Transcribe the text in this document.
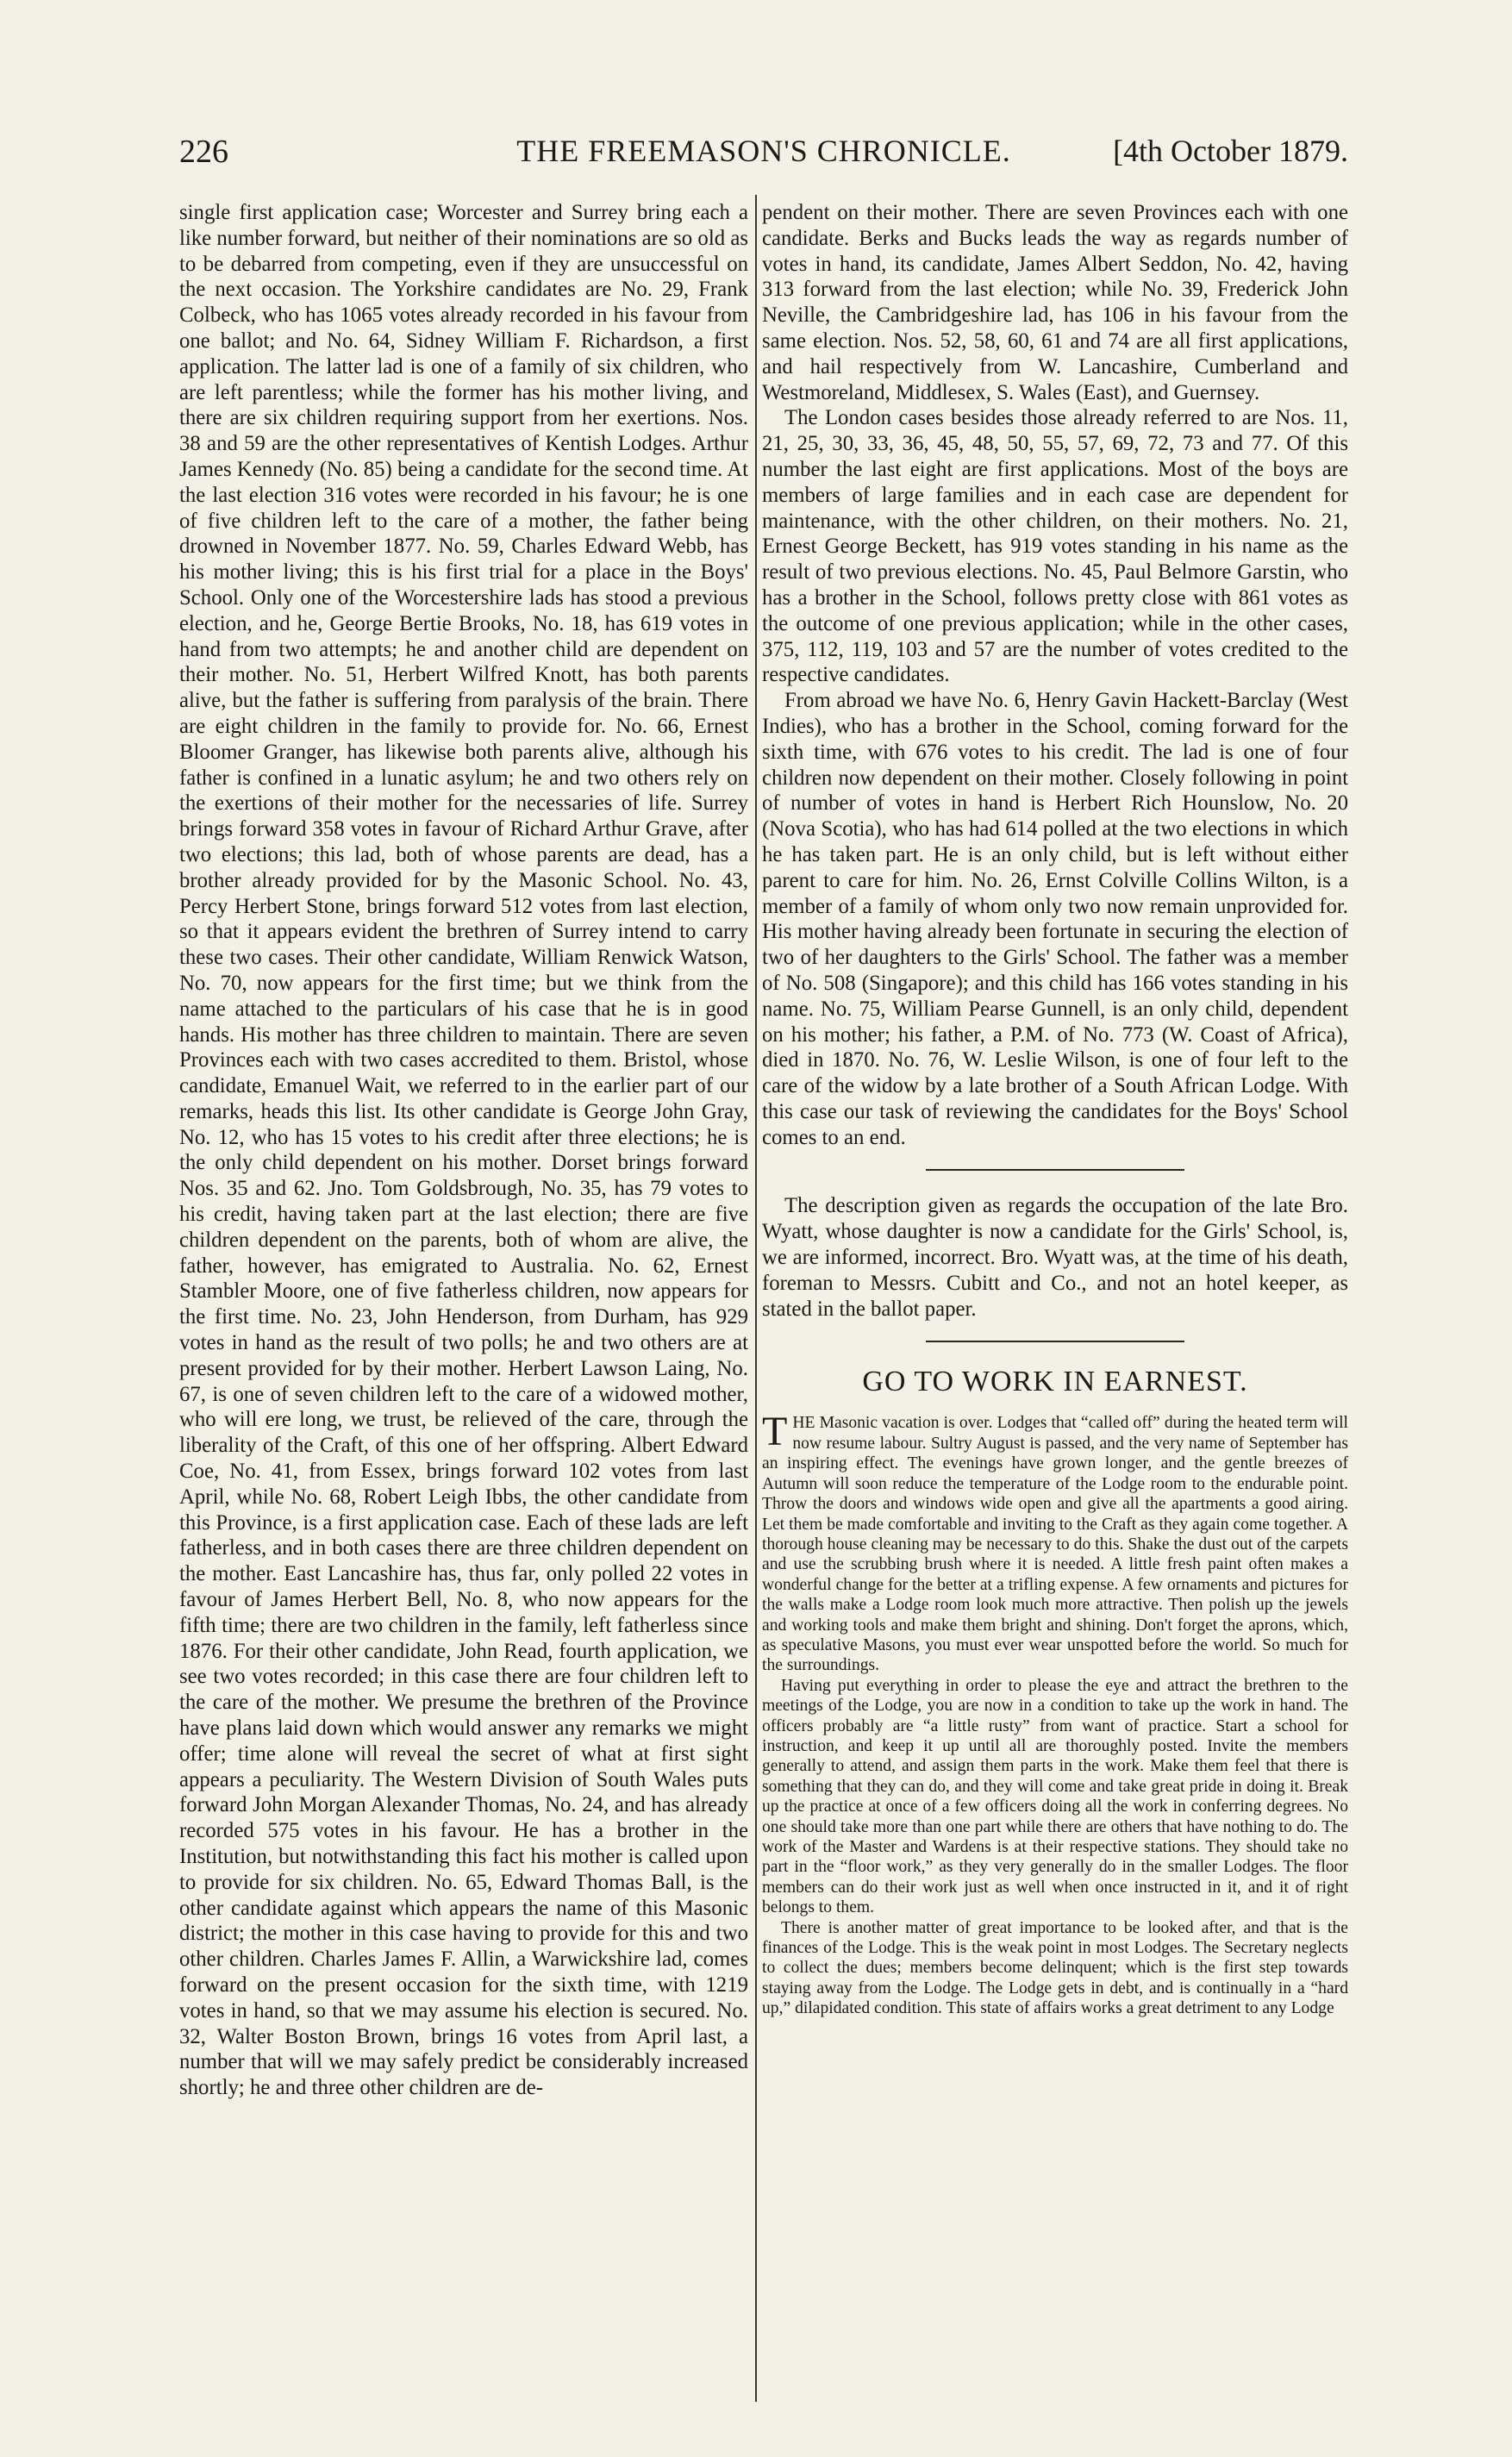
226	THE FREEMASON'S CHRONICLE.	[4th October 1879.

single first application case; Worcester and Surrey bring each a like number forward, but neither of their nominations are so old as to be debarred from competing, even if they are unsuccessful on the next occasion. The Yorkshire candidates are No. 29, Frank Colbeck, who has 1065 votes already recorded in his favour from one ballot; and No. 64, Sidney William F. Richardson, a first application. The latter lad is one of a family of six children, who are left parentless; while the former has his mother living, and there are six children requiring support from her exertions. Nos. 38 and 59 are the other representatives of Kentish Lodges. Arthur James Kennedy (No. 85) being a candidate for the second time. At the last election 316 votes were recorded in his favour; he is one of five children left to the care of a mother, the father being drowned in November 1877. No. 59, Charles Edward Webb, has his mother living; this is his first trial for a place in the Boys' School. Only one of the Worcestershire lads has stood a previous election, and he, George Bertie Brooks, No. 18, has 619 votes in hand from two attempts; he and another child are dependent on their mother. No. 51, Herbert Wilfred Knott, has both parents alive, but the father is suffering from paralysis of the brain. There are eight children in the family to provide for. No. 66, Ernest Bloomer Granger, has likewise both parents alive, although his father is confined in a lunatic asylum; he and two others rely on the exertions of their mother for the necessaries of life. Surrey brings forward 358 votes in favour of Richard Arthur Grave, after two elections; this lad, both of whose parents are dead, has a brother already provided for by the Masonic School. No. 43, Percy Herbert Stone, brings forward 512 votes from last election, so that it appears evident the brethren of Surrey intend to carry these two cases. Their other candidate, William Renwick Watson, No. 70, now appears for the first time; but we think from the name attached to the particulars of his case that he is in good hands. His mother has three children to maintain. There are seven Provinces each with two cases accredited to them. Bristol, whose candidate, Emanuel Wait, we referred to in the earlier part of our remarks, heads this list. Its other candidate is George John Gray, No. 12, who has 15 votes to his credit after three elections; he is the only child dependent on his mother. Dorset brings forward Nos. 35 and 62. Jno. Tom Goldsbrough, No. 35, has 79 votes to his credit, having taken part at the last election; there are five children dependent on the parents, both of whom are alive, the father, however, has emigrated to Australia. No. 62, Ernest Stambler Moore, one of five fatherless children, now appears for the first time. No. 23, John Henderson, from Durham, has 929 votes in hand as the result of two polls; he and two others are at present provided for by their mother. Herbert Lawson Laing, No. 67, is one of seven children left to the care of a widowed mother, who will ere long, we trust, be relieved of the care, through the liberality of the Craft, of this one of her offspring. Albert Edward Coe, No. 41, from Essex, brings forward 102 votes from last April, while No. 68, Robert Leigh Ibbs, the other candidate from this Province, is a first application case. Each of these lads are left fatherless, and in both cases there are three children dependent on the mother. East Lancashire has, thus far, only polled 22 votes in favour of James Herbert Bell, No. 8, who now appears for the fifth time; there are two children in the family, left fatherless since 1876. For their other candidate, John Read, fourth application, we see two votes recorded; in this case there are four children left to the care of the mother. We presume the brethren of the Province have plans laid down which would answer any remarks we might offer; time alone will reveal the secret of what at first sight appears a peculiarity. The Western Division of South Wales puts forward John Morgan Alexander Thomas, No. 24, and has already recorded 575 votes in his favour. He has a brother in the Institution, but notwithstanding this fact his mother is called upon to provide for six children. No. 65, Edward Thomas Ball, is the other candidate against which appears the name of this Masonic district; the mother in this case having to provide for this and two other children. Charles James F. Allin, a Warwickshire lad, comes forward on the present occasion for the sixth time, with 1219 votes in hand, so that we may assume his election is secured. No. 32, Walter Boston Brown, brings 16 votes from April last, a number that will we may safely predict be considerably increased shortly; he and three other children are de-

pendent on their mother. There are seven Provinces each with one candidate. Berks and Bucks leads the way as regards number of votes in hand, its candidate, James Albert Seddon, No. 42, having 313 forward from the last election; while No. 39, Frederick John Neville, the Cambridgeshire lad, has 106 in his favour from the same election. Nos. 52, 58, 60, 61 and 74 are all first applications, and hail respectively from W. Lancashire, Cumberland and Westmoreland, Middlesex, S. Wales (East), and Guernsey.

The London cases besides those already referred to are Nos. 11, 21, 25, 30, 33, 36, 45, 48, 50, 55, 57, 69, 72, 73 and 77. Of this number the last eight are first applications. Most of the boys are members of large families and in each case are dependent for maintenance, with the other children, on their mothers. No. 21, Ernest George Beckett, has 919 votes standing in his name as the result of two previous elections. No. 45, Paul Belmore Garstin, who has a brother in the School, follows pretty close with 861 votes as the outcome of one previous application; while in the other cases, 375, 112, 119, 103 and 57 are the number of votes credited to the respective candidates.

From abroad we have No. 6, Henry Gavin Hackett-Barclay (West Indies), who has a brother in the School, coming forward for the sixth time, with 676 votes to his credit. The lad is one of four children now dependent on their mother. Closely following in point of number of votes in hand is Herbert Rich Hounslow, No. 20 (Nova Scotia), who has had 614 polled at the two elections in which he has taken part. He is an only child, but is left without either parent to care for him. No. 26, Ernst Colville Collins Wilton, is a member of a family of whom only two now remain unprovided for. His mother having already been fortunate in securing the election of two of her daughters to the Girls' School. The father was a member of No. 508 (Singapore); and this child has 166 votes standing in his name. No. 75, William Pearse Gunnell, is an only child, dependent on his mother; his father, a P.M. of No. 773 (W. Coast of Africa), died in 1870. No. 76, W. Leslie Wilson, is one of four left to the care of the widow by a late brother of a South African Lodge. With this case our task of reviewing the candidates for the Boys' School comes to an end.

The description given as regards the occupation of the late Bro. Wyatt, whose daughter is now a candidate for the Girls' School, is, we are informed, incorrect. Bro. Wyatt was, at the time of his death, foreman to Messrs. Cubitt and Co., and not an hotel keeper, as stated in the ballot paper.

GO TO WORK IN EARNEST.

THE Masonic vacation is over. Lodges that “called off” during the heated term will now resume labour. Sultry August is passed, and the very name of September has an inspiring effect. The evenings have grown longer, and the gentle breezes of Autumn will soon reduce the temperature of the Lodge room to the endurable point. Throw the doors and windows wide open and give all the apartments a good airing. Let them be made comfortable and inviting to the Craft as they again come together. A thorough house cleaning may be necessary to do this. Shake the dust out of the carpets and use the scrubbing brush where it is needed. A little fresh paint often makes a wonderful change for the better at a trifling expense. A few ornaments and pictures for the walls make a Lodge room look much more attractive. Then polish up the jewels and working tools and make them bright and shining. Don't forget the aprons, which, as speculative Masons, you must ever wear unspotted before the world. So much for the surroundings.

Having put everything in order to please the eye and attract the brethren to the meetings of the Lodge, you are now in a condition to take up the work in hand. The officers probably are “a little rusty” from want of practice. Start a school for instruction, and keep it up until all are thoroughly posted. Invite the members generally to attend, and assign them parts in the work. Make them feel that there is something that they can do, and they will come and take great pride in doing it. Break up the practice at once of a few officers doing all the work in conferring degrees. No one should take more than one part while there are others that have nothing to do. The work of the Master and Wardens is at their respective stations. They should take no part in the “floor work,” as they very generally do in the smaller Lodges. The floor members can do their work just as well when once instructed in it, and it of right belongs to them.

There is another matter of great importance to be looked after, and that is the finances of the Lodge. This is the weak point in most Lodges. The Secretary neglects to collect the dues; members become delinquent; which is the first step towards staying away from the Lodge. The Lodge gets in debt, and is continually in a “hard up,” dilapidated condition. This state of affairs works a great detriment to any Lodge
